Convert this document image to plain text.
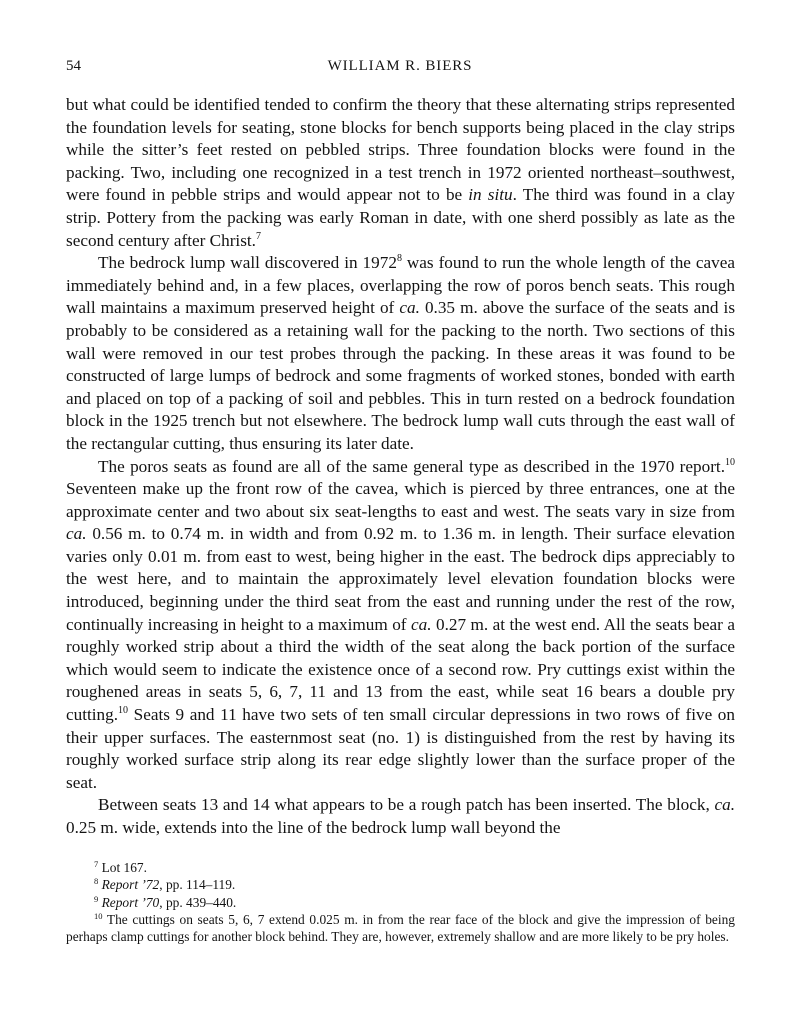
54	WILLIAM R. BIERS

but what could be identified tended to confirm the theory that these alternating strips represented the foundation levels for seating, stone blocks for bench supports being placed in the clay strips while the sitter’s feet rested on pebbled strips. Three foundation blocks were found in the packing. Two, including one recognized in a test trench in 1972 oriented northeast–southwest, were found in pebble strips and would appear not to be in situ. The third was found in a clay strip. Pottery from the packing was early Roman in date, with one sherd possibly as late as the second century after Christ.$^7$

The bedrock lump wall discovered in 1972$^8$ was found to run the whole length of the cavea immediately behind and, in a few places, overlapping the row of poros bench seats. This rough wall maintains a maximum preserved height of ca. 0.35 m. above the surface of the seats and is probably to be considered as a retaining wall for the packing to the north. Two sections of this wall were removed in our test probes through the packing. In these areas it was found to be constructed of large lumps of bedrock and some fragments of worked stones, bonded with earth and placed on top of a packing of soil and pebbles. This in turn rested on a bedrock foundation block in the 1925 trench but not elsewhere. The bedrock lump wall cuts through the east wall of the rectangular cutting, thus ensuring its later date.

The poros seats as found are all of the same general type as described in the 1970 report.$^{10}$ Seventeen make up the front row of the cavea, which is pierced by three entrances, one at the approximate center and two about six seat-lengths to east and west. The seats vary in size from ca. 0.56 m. to 0.74 m. in width and from 0.92 m. to 1.36 m. in length. Their surface elevation varies only 0.01 m. from east to west, being higher in the east. The bedrock dips appreciably to the west here, and to maintain the approximately level elevation foundation blocks were introduced, beginning under the third seat from the east and running under the rest of the row, continually increasing in height to a maximum of ca. 0.27 m. at the west end. All the seats bear a roughly worked strip about a third the width of the seat along the back portion of the surface which would seem to indicate the existence once of a second row. Pry cuttings exist within the roughened areas in seats 5, 6, 7, 11 and 13 from the east, while seat 16 bears a double pry cutting.$^{10}$ Seats 9 and 11 have two sets of ten small circular depressions in two rows of five on their upper surfaces. The easternmost seat (no. 1) is distinguished from the rest by having its roughly worked surface strip along its rear edge slightly lower than the surface proper of the seat.

Between seats 13 and 14 what appears to be a rough patch has been inserted. The block, ca. 0.25 m. wide, extends into the line of the bedrock lump wall beyond the

$^7$ Lot 167.

$^8$ Report ’72, pp. 114–119.

$^9$ Report ’70, pp. 439–440.

$^{10}$ The cuttings on seats 5, 6, 7 extend 0.025 m. in from the rear face of the block and give the impression of being perhaps clamp cuttings for another block behind. They are, however, extremely shallow and are more likely to be pry holes.
